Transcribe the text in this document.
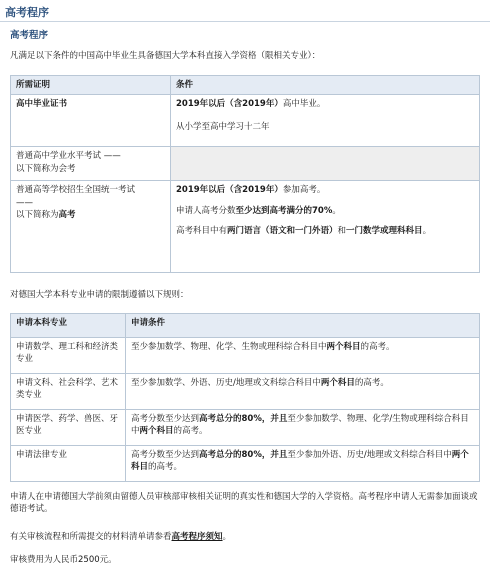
高考程序
高考程序
凡满足以下条件的中国高中毕业生具备德国大学本科直接入学资格（限相关专业）：
所需证明	条件
高中毕业证书	2019年以后（含2019年）高中毕业。
从小学至高中学习十二年

普通高中学业水平考试 ——
以下简称为会考	

普通高等学校招生全国统一考试
——
以下简称为高考	2019年以后（含2019年）参加高考。
申请人高考分数至少达到高考满分的70%。
高考科目中有两门语言（语文和一门外语）和一门数学或理科科目。
对德国大学本科专业申请的限制遵循以下规则：
申请本科专业	申请条件
申请数学、理工科和经济类专业	至少参加数学、物理、化学、生物或理科综合科目中两个科目的高考。
申请文科、社会科学、艺术类专业	至少参加数学、外语、历史/地理或文科综合科目中两个科目的高考。
申请医学、药学、兽医、牙医专业	高考分数至少达到高考总分的80%，并且至少参加数学、物理、化学/生物或理科综合科目中两个科目的高考。
申请法律专业	高考分数至少达到高考总分的80%，并且至少参加外语、历史/地理或文科综合科目中两个科目的高考。
申请人在申请德国大学前须由留德人员审核部审核相关证明的真实性和德国大学的入学资格。高考程序申请人无需参加面谈或德语考试。
有关审核流程和所需提交的材料清单请参看高考程序须知。
审核费用为人民币2500元。
